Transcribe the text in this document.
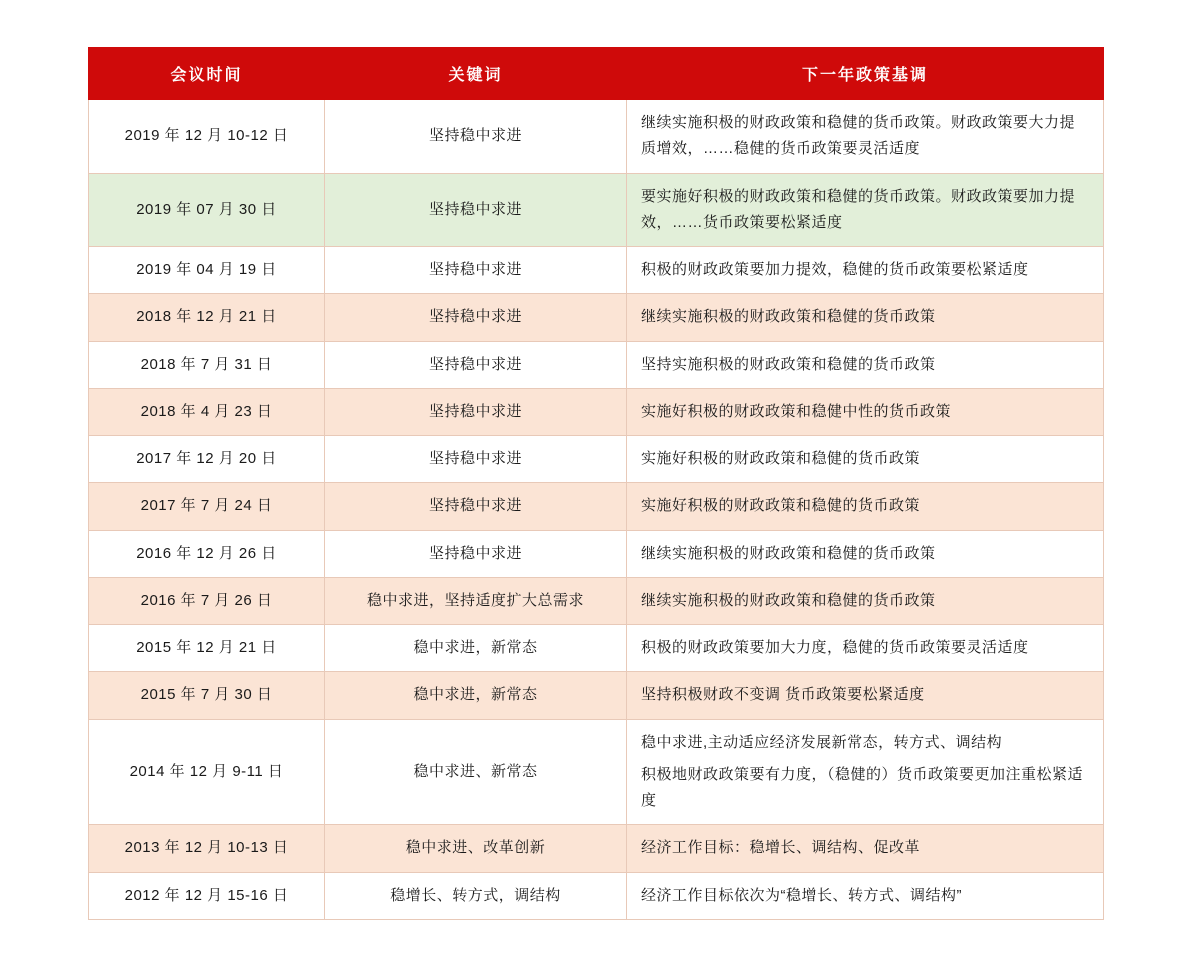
会议时间	关键词	下一年政策基调
2019 年 12 月 10-12 日	坚持稳中求进	继续实施积极的财政政策和稳健的货币政策。财政政策要大力提质增效，……稳健的货币政策要灵活适度

2019 年 07 月 30 日	坚持稳中求进	要实施好积极的财政政策和稳健的货币政策。财政政策要加力提效，……货币政策要松紧适度

2019 年 04 月 19 日	坚持稳中求进	积极的财政政策要加力提效，稳健的货币政策要松紧适度

2018 年 12 月 21 日	坚持稳中求进	继续实施积极的财政政策和稳健的货币政策

2018 年 7 月 31 日	坚持稳中求进	坚持实施积极的财政政策和稳健的货币政策

2018 年 4 月 23 日	坚持稳中求进	实施好积极的财政政策和稳健中性的货币政策

2017 年 12 月 20 日	坚持稳中求进	实施好积极的财政政策和稳健的货币政策

2017 年 7 月 24 日	坚持稳中求进	实施好积极的财政政策和稳健的货币政策

2016 年 12 月 26 日	坚持稳中求进	继续实施积极的财政政策和稳健的货币政策

2016 年 7 月 26 日	稳中求进，坚持适度扩大总需求	继续实施积极的财政政策和稳健的货币政策

2015 年 12 月 21 日	稳中求进，新常态	积极的财政政策要加大力度，稳健的货币政策要灵活适度

2015 年 7 月 30 日	稳中求进，新常态	坚持积极财政不变调 货币政策要松紧适度

2014 年 12 月 9-11 日	稳中求进、新常态	稳中求进,主动适应经济发展新常态，转方式、调结构
积极地财政政策要有力度，（稳健的）货币政策要更加注重松紧适度

2013 年 12 月 10-13 日	稳中求进、改革创新	经济工作目标：稳增长、调结构、促改革

2012 年 12 月 15-16 日	稳增长、转方式，调结构	经济工作目标依次为“稳增长、转方式、调结构”
